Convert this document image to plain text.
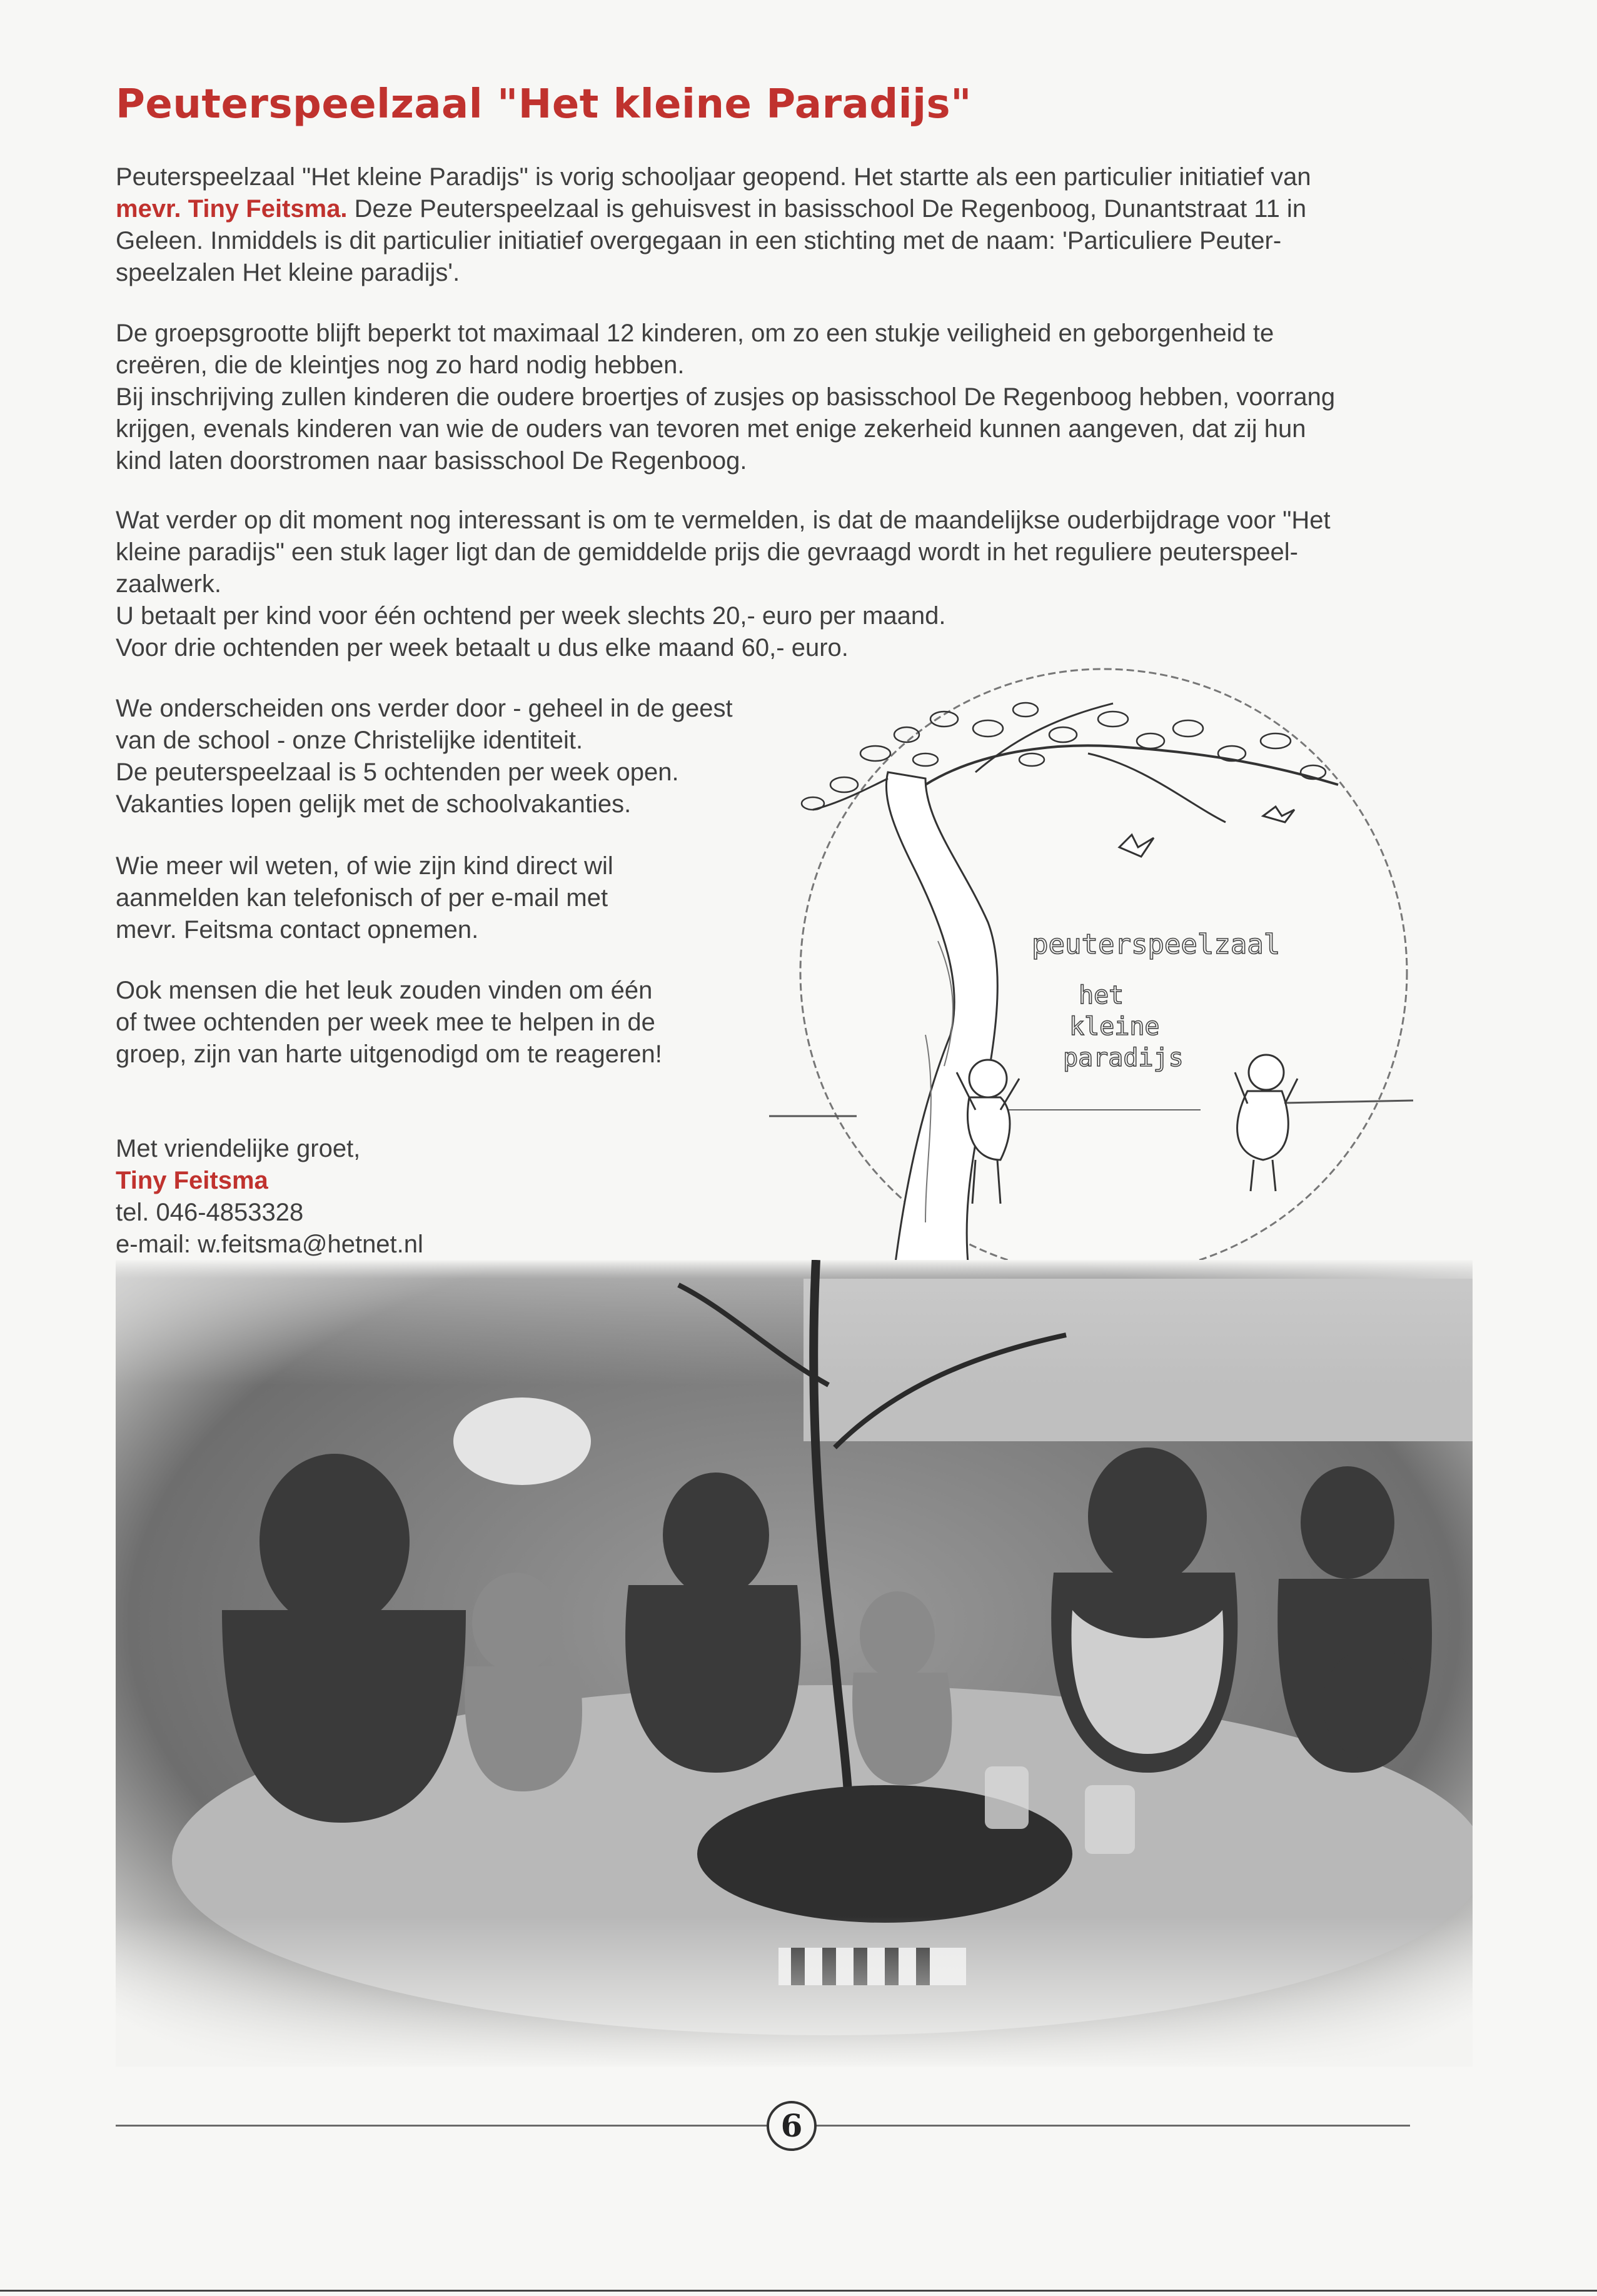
Peuterspeelzaal "Het kleine Paradijs"

Peuterspeelzaal "Het kleine Paradijs" is vorig schooljaar geopend. Het startte als een particulier initiatief van
mevr. Tiny Feitsma. Deze Peuterspeelzaal is gehuisvest in basisschool De Regenboog, Dunantstraat 11 in
Geleen. Inmiddels is dit particulier initiatief overgegaan in een stichting met de naam: 'Particuliere Peuter-
speelzalen Het kleine paradijs'.

De groepsgrootte blijft beperkt tot maximaal 12 kinderen, om zo een stukje veiligheid en geborgenheid te
creëren, die de kleintjes nog zo hard nodig hebben.
Bij inschrijving zullen kinderen die oudere broertjes of zusjes op basisschool De Regenboog hebben, voorrang
krijgen, evenals kinderen van wie de ouders van tevoren met enige zekerheid kunnen aangeven, dat zij hun
kind laten doorstromen naar basisschool De Regenboog.

Wat verder op dit moment nog interessant is om te vermelden, is dat de maandelijkse ouderbijdrage voor "Het
kleine paradijs" een stuk lager ligt dan de gemiddelde prijs die gevraagd wordt in het reguliere peuterspeel-
zaalwerk.
U betaalt per kind voor één ochtend per week slechts 20,- euro per maand.
Voor drie ochtenden per week betaalt u dus elke maand 60,- euro.

We onderscheiden ons verder door - geheel in de geest
van de school - onze Christelijke identiteit.
De peuterspeelzaal is 5 ochtenden per week open.
Vakanties lopen gelijk met de schoolvakanties.

Wie meer wil weten, of wie zijn kind direct wil
aanmelden kan telefonisch of per e-mail met
mevr. Feitsma contact opnemen.

Ook mensen die het leuk zouden vinden om één
of twee ochtenden per week mee te helpen in de
groep, zijn van harte uitgenodigd om te reageren!

Met vriendelijke groet,
Tiny Feitsma
tel. 046-4853328
e-mail: w.feitsma@hetnet.nl
peuterspeelzaal
het
kleine
paradijs
6
